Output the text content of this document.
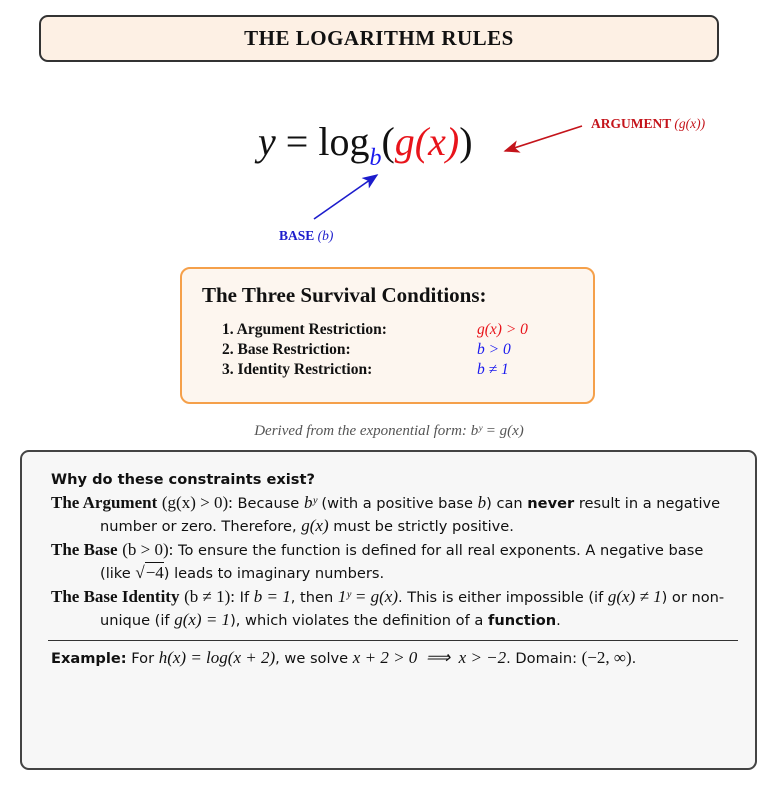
THE LOGARITHM RULES
$y = \log_b(g(x))$	ARGUMENT (g(x))
BASE (b)
The Three Survival Conditions:
1. Argument Restriction:	g(x) > 0
2. Base Restriction:	b > 0
3. Identity Restriction:	b ≠ 1
Derived from the exponential form: bʸ = g(x)
Why do these constraints exist?
The Argument (g(x) > 0): Because bʸ (with a positive base b) can never result in a negative number or zero. Therefore, g(x) must be strictly positive.
The Base (b > 0): To ensure the function is defined for all real exponents. A negative base (like √−4) leads to imaginary numbers.
The Base Identity (b ≠ 1): If b = 1, then 1ʸ = g(x). This is either impossible (if g(x) ≠ 1) or non-unique (if g(x) = 1), which violates the definition of a function.
Example: For h(x) = log(x + 2), we solve x + 2 > 0  ⟹  x > −2. Domain: (−2, ∞).
